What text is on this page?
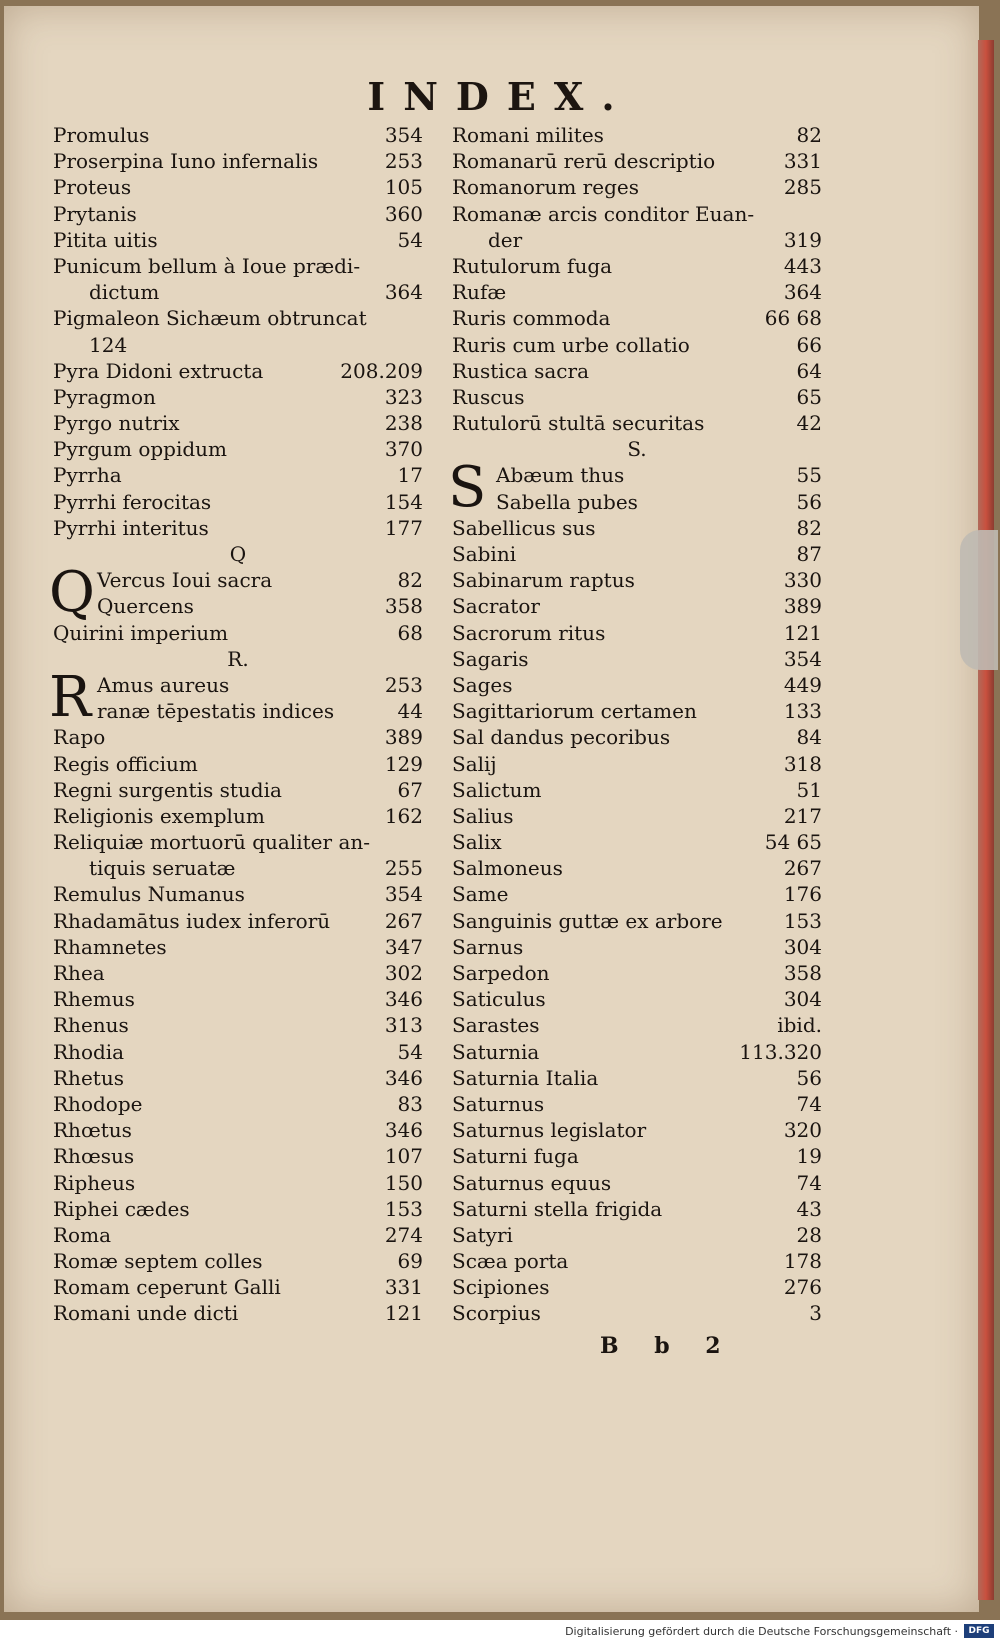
INDEX.
Promulus	354
Proserpina Iuno infernalis	253
Proteus	105
Prytanis	360
Pitita uitis	54
Punicum bellum à Ioue prædi-
dictum	364
Pigmaleon Sichæum obtruncat
124
Pyra Didoni extructa	208.209
Pyragmon	323
Pyrgo nutrix	238
Pyrgum oppidum	370
Pyrrha	17
Pyrrhi ferocitas	154
Pyrrhi interitus	177
Q
Q Vercus Ioui sacra	82
Quercens	358
Quirini imperium	68
R.
R Amus aureus	253
ranæ tēpestatis indices	44
Rapo	389
Regis officium	129
Regni surgentis studia	67
Religionis exemplum	162
Reliquiæ mortuorū qualiter an-
tiquis seruatæ	255
Remulus Numanus	354
Rhadamātus iudex inferorū	267
Rhamnetes	347
Rhea	302
Rhemus	346
Rhenus	313
Rhodia	54
Rhetus	346
Rhodope	83
Rhœtus	346
Rhœsus	107
Ripheus	150
Riphei cædes	153
Roma	274
Romæ septem colles	69
Romam ceperunt Galli	331
Romani unde dicti	121
Romani milites	82
Romanarū rerū descriptio	331
Romanorum reges	285
Romanæ arcis conditor Euan-
der	319
Rutulorum fuga	443
Rufæ	364
Ruris commoda	66 68
Ruris cum urbe collatio	66
Rustica sacra	64
Ruscus	65
Rutulorū stultā securitas	42
S.
S Abæum thus	55
Sabella pubes	56
Sabellicus sus	82
Sabini	87
Sabinarum raptus	330
Sacrator	389
Sacrorum ritus	121
Sagaris	354
Sages	449
Sagittariorum certamen	133
Sal dandus pecoribus	84
Salij	318
Salictum	51
Salius	217
Salix	54 65
Salmoneus	267
Same	176
Sanguinis guttæ ex arbore	153
Sarnus	304
Sarpedon	358
Saticulus	304
Sarastes	ibid.
Saturnia	113.320
Saturnia Italia	56
Saturnus	74
Saturnus legislator	320
Saturni fuga	19
Saturnus equus	74
Saturni stella frigida	43
Satyri	28
Scæa porta	178
Scipiones	276
Scorpius	3
B b 2
Digitalisierung gefördert durch die Deutsche Forschungsgemeinschaft ·	DFG
